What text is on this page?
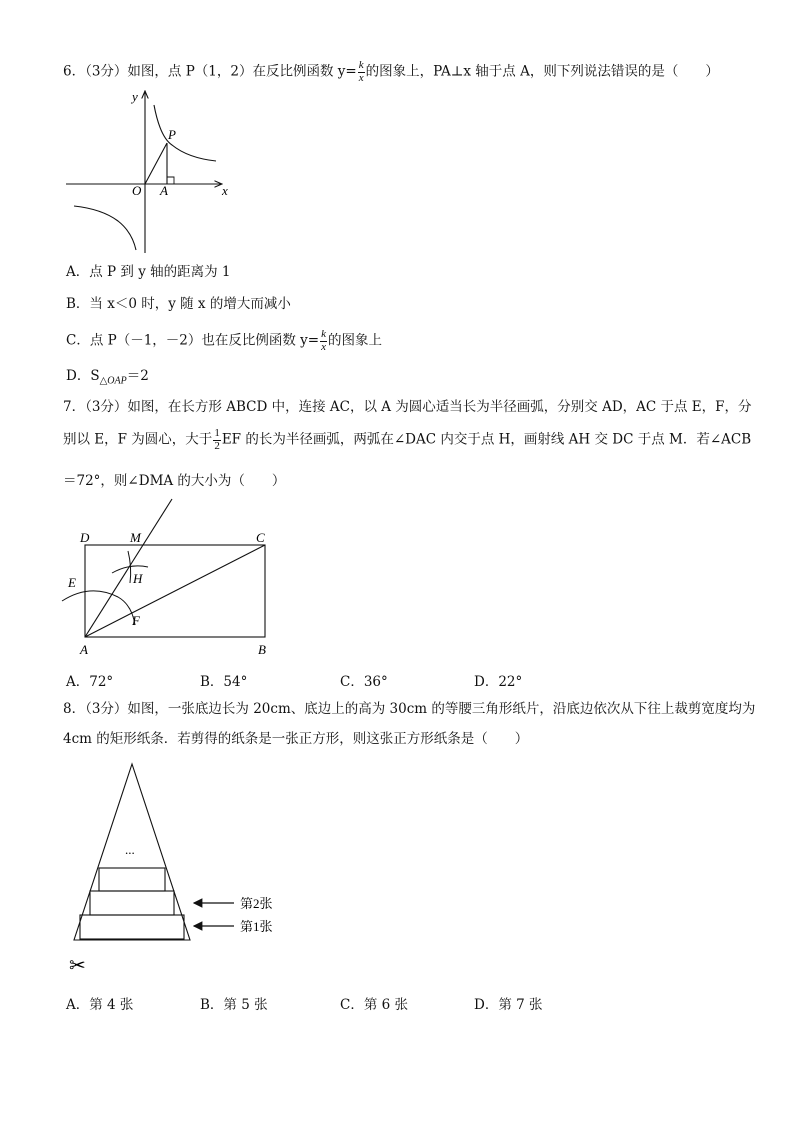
6．（3分）如图，点 P（1，2）在反比例函数 $y= \frac{k}{x}$ 的图象上，PA⊥x 轴于点 A，则下列说法错误的是（　　）
y
P
O A	x
A．点 P 到 y 轴的距离为 1
B．当 x＜0 时，y 随 x 的增大而减小
C．点 P（－1，－2）也在反比例函数 $y= \frac{k}{x}$ 的图象上
D．$S_{\triangle OAP}=2$
7．（3分）如图，在长方形 ABCD 中，连接 AC，以 A 为圆心适当长为半径画弧，分别交 AD，AC 于点 E，F，分
别以 E，F 为圆心，大于 $\frac{1}{2}$ EF 的长为半径画弧，两弧在∠DAC 内交于点 H，画射线 AH 交 DC 于点 M．若∠ACB
＝72°，则∠DMA 的大小为（　　）
D	M	C
E	H
F
A	B
A．72°	B．54°	C．36°	D．22°
8．（3分）如图，一张底边长为 20cm、底边上的高为 30cm 的等腰三角形纸片，沿底边依次从下往上裁剪宽度均为
4cm 的矩形纸条．若剪得的纸条是一张正方形，则这张正方形纸条是（　　）
...
第2张
第1张
✂
A．第 4 张	B．第 5 张	C．第 6 张	D．第 7 张
